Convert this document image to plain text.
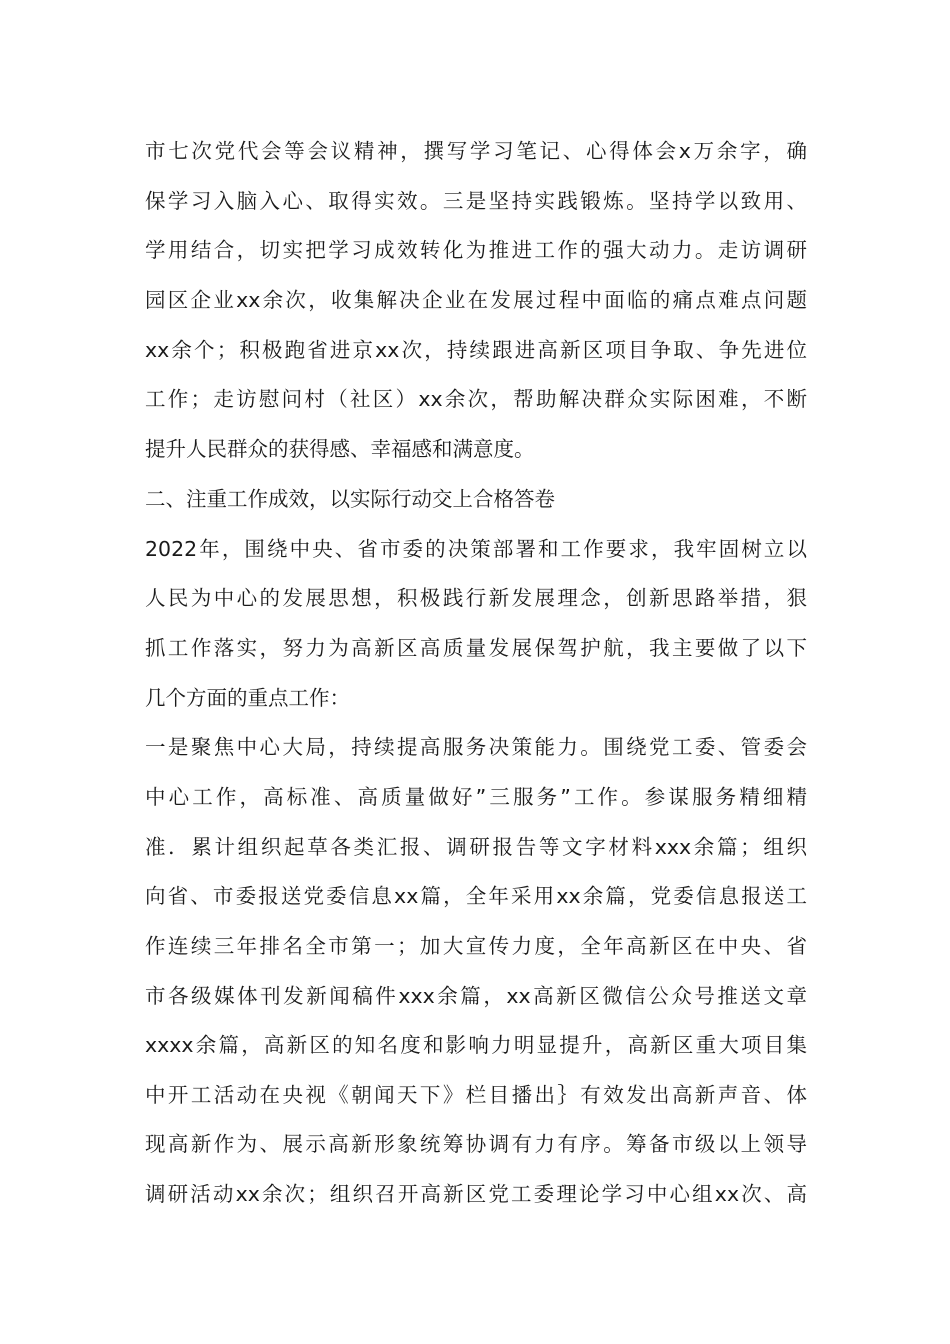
市七次党代会等会议精神，撰写学习笔记、心得体会x万余字，确
保学习入脑入心、取得实效。三是坚持实践锻炼。坚持学以致用、
学用结合，切实把学习成效转化为推进工作的强大动力。走访调研
园区企业xx余次，收集解决企业在发展过程中面临的痛点难点问题
xx余个；积极跑省进京xx次，持续跟进高新区项目争取、争先进位
工作；走访慰问村（社区）xx余次，帮助解决群众实际困难，不断
提升人民群众的获得感、幸福感和满意度。
二、注重工作成效，以实际行动交上合格答卷
2022年，围绕中央、省市委的决策部署和工作要求，我牢固树立以
人民为中心的发展思想，积极践行新发展理念，创新思路举措，狠
抓工作落实，努力为高新区高质量发展保驾护航，我主要做了以下
几个方面的重点工作：
一是聚焦中心大局，持续提高服务决策能力。围绕党工委、管委会
中心工作，高标准、高质量做好”三服务”工作。参谋服务精细精
准．累计组织起草各类汇报、调研报告等文字材料xxx余篇；组织
向省、市委报送党委信息xx篇，全年采用xx余篇，党委信息报送工
作连续三年排名全市第一；加大宣传力度，全年高新区在中央、省
市各级媒体刊发新闻稿件xxx余篇，xx高新区微信公众号推送文章
xxxx余篇，高新区的知名度和影响力明显提升，高新区重大项目集
中开工活动在央视《朝闻天下》栏目播出｝有效发出高新声音、体
现高新作为、展示高新形象统筹协调有力有序。筹备市级以上领导
调研活动xx余次；组织召开高新区党工委理论学习中心组xx次、高
